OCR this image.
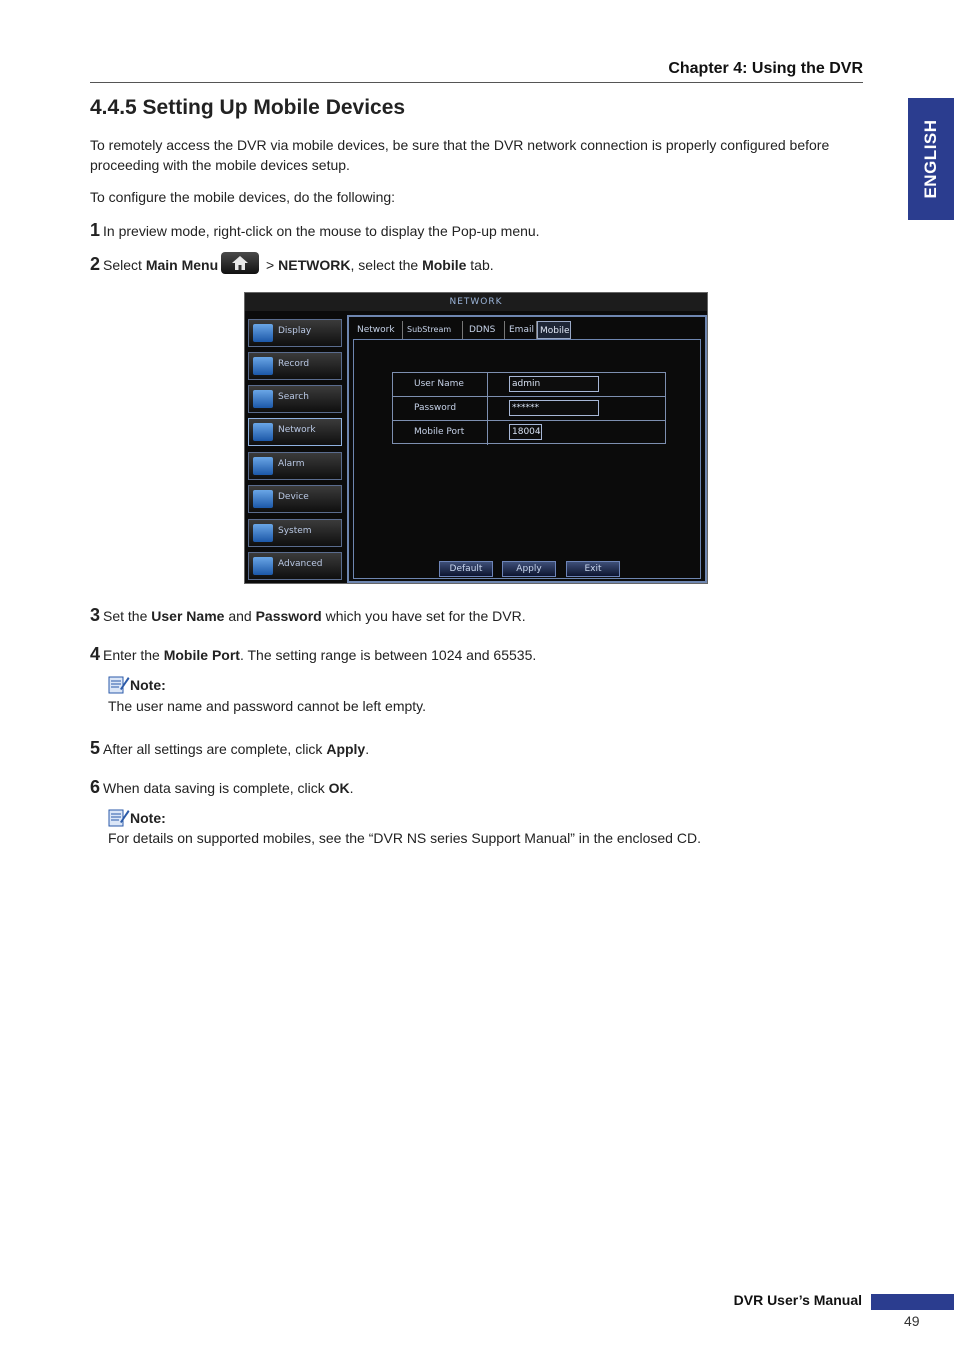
Chapter 4: Using the DVR
ENGLISH
4.4.5 Setting Up Mobile Devices

To remotely access the DVR via mobile devices, be sure that the DVR network connection is properly configured before proceeding with the mobile devices setup.

To configure the mobile devices, do the following:

1 In preview mode, right-click on the mouse to display the Pop-up menu.
2 Select Main Menu	> NETWORK, select the Mobile tab.
NETWORK
Display
Record
Search
Network
Alarm
Device
System
Advanced
Network	SubStream	DDNS	Email Mobile
User Name	admin
Password	******
Mobile Port	18004
Default	Apply	Exit
3 Set the User Name and Password which you have set for the DVR.
4 Enter the Mobile Port. The setting range is between 1024 and 65535.
Note:
The user name and password cannot be left empty.
5 After all settings are complete, click Apply.
6 When data saving is complete, click OK.
Note:
For details on supported mobiles, see the “DVR NS series Support Manual” in the enclosed CD.
DVR User’s Manual
49
